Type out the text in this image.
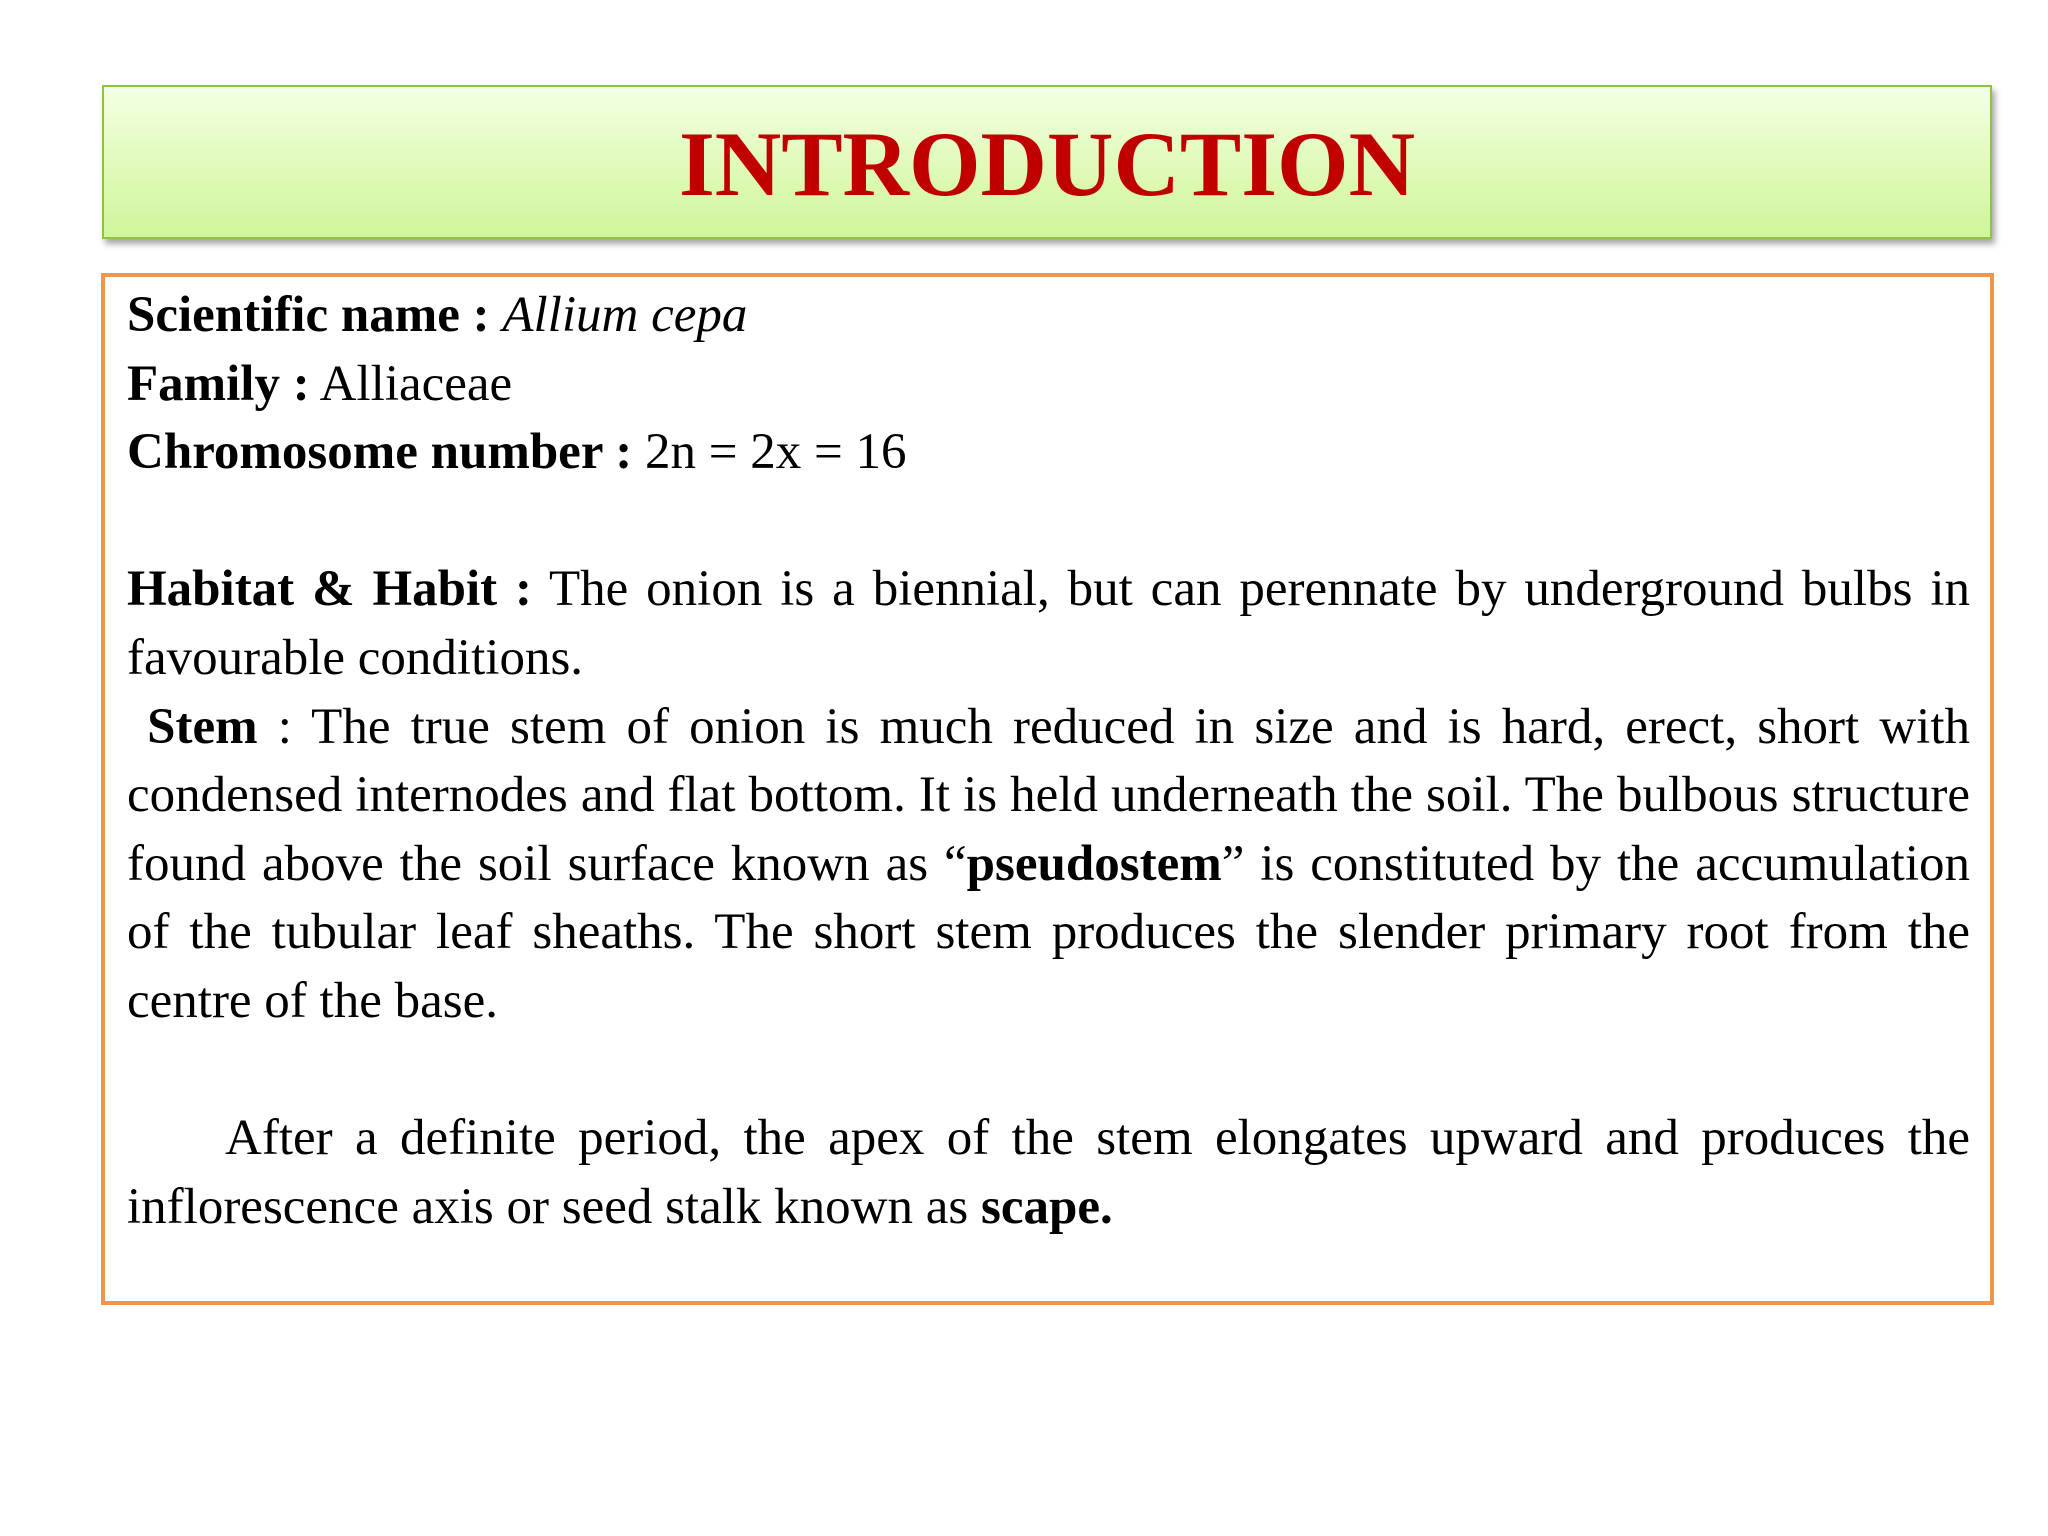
INTRODUCTION

Scientific name : Allium cepa

Family : Alliaceae

Chromosome number : 2n = 2x = 16

Habitat & Habit : The onion is a biennial, but can perennate by underground bulbs in favourable conditions.

Stem : The true stem of onion is much reduced in size and is hard, erect, short with condensed internodes and flat bottom. It is held underneath the soil. The bulbous structure found above the soil surface known as “pseudostem” is constituted by the accumulation of the tubular leaf sheaths. The short stem produces the slender primary root from the centre of the base.

After a definite period, the apex of the stem elongates upward and produces the inflorescence axis or seed stalk known as scape.
